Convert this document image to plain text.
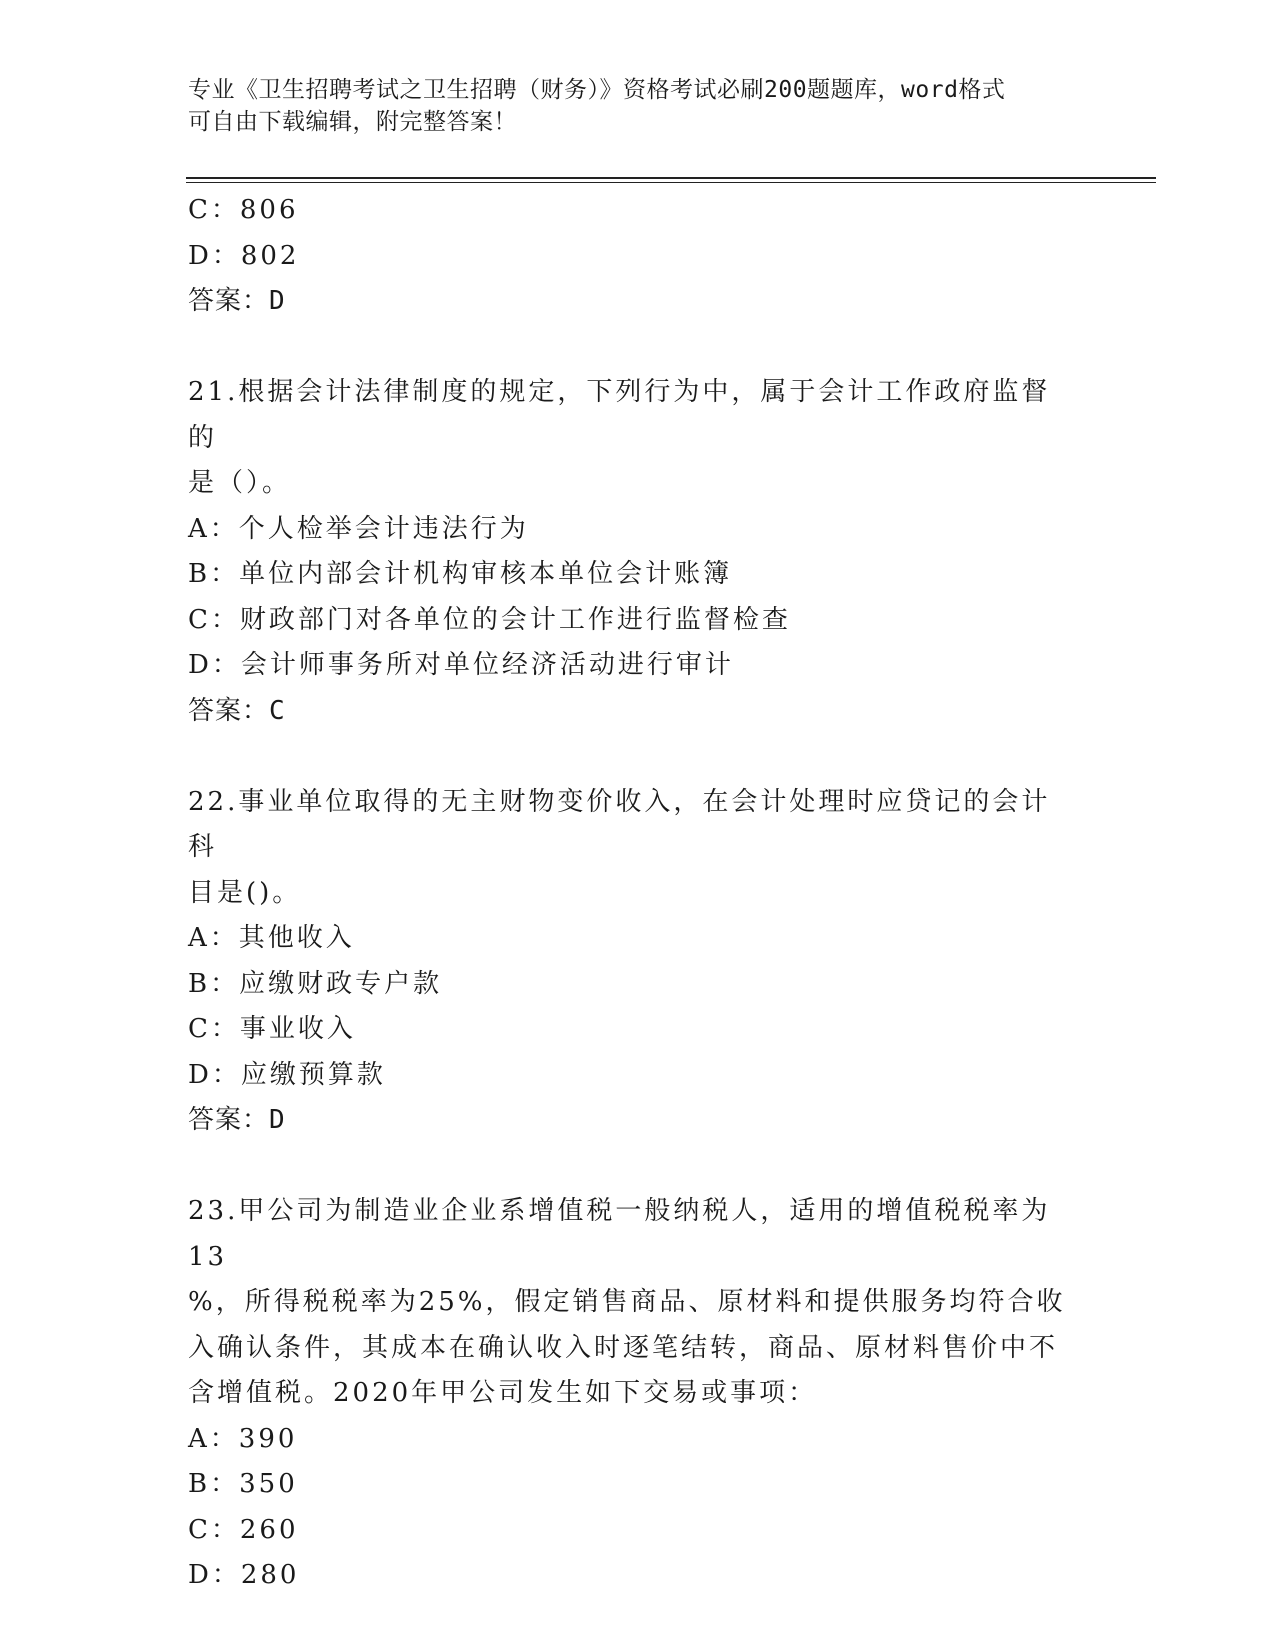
专业《卫生招聘考试之卫生招聘（财务）》资格考试必刷200题题库，word格式
可自由下载编辑，附完整答案！
C：806
D：802
答案：D
21.根据会计法律制度的规定，下列行为中，属于会计工作政府监督的
是（）。
A：个人检举会计违法行为
B：单位内部会计机构审核本单位会计账簿
C：财政部门对各单位的会计工作进行监督检查
D：会计师事务所对单位经济活动进行审计
答案：C
22.事业单位取得的无主财物变价收入，在会计处理时应贷记的会计科
目是()。
A：其他收入
B：应缴财政专户款
C：事业收入
D：应缴预算款
答案：D
23.甲公司为制造业企业系增值税一般纳税人，适用的增值税税率为13
%，所得税税率为25%，假定销售商品、原材料和提供服务均符合收
入确认条件，其成本在确认收入时逐笔结转，商品、原材料售价中不
含增值税。2020年甲公司发生如下交易或事项：
A：390
B：350
C：260
D：280
